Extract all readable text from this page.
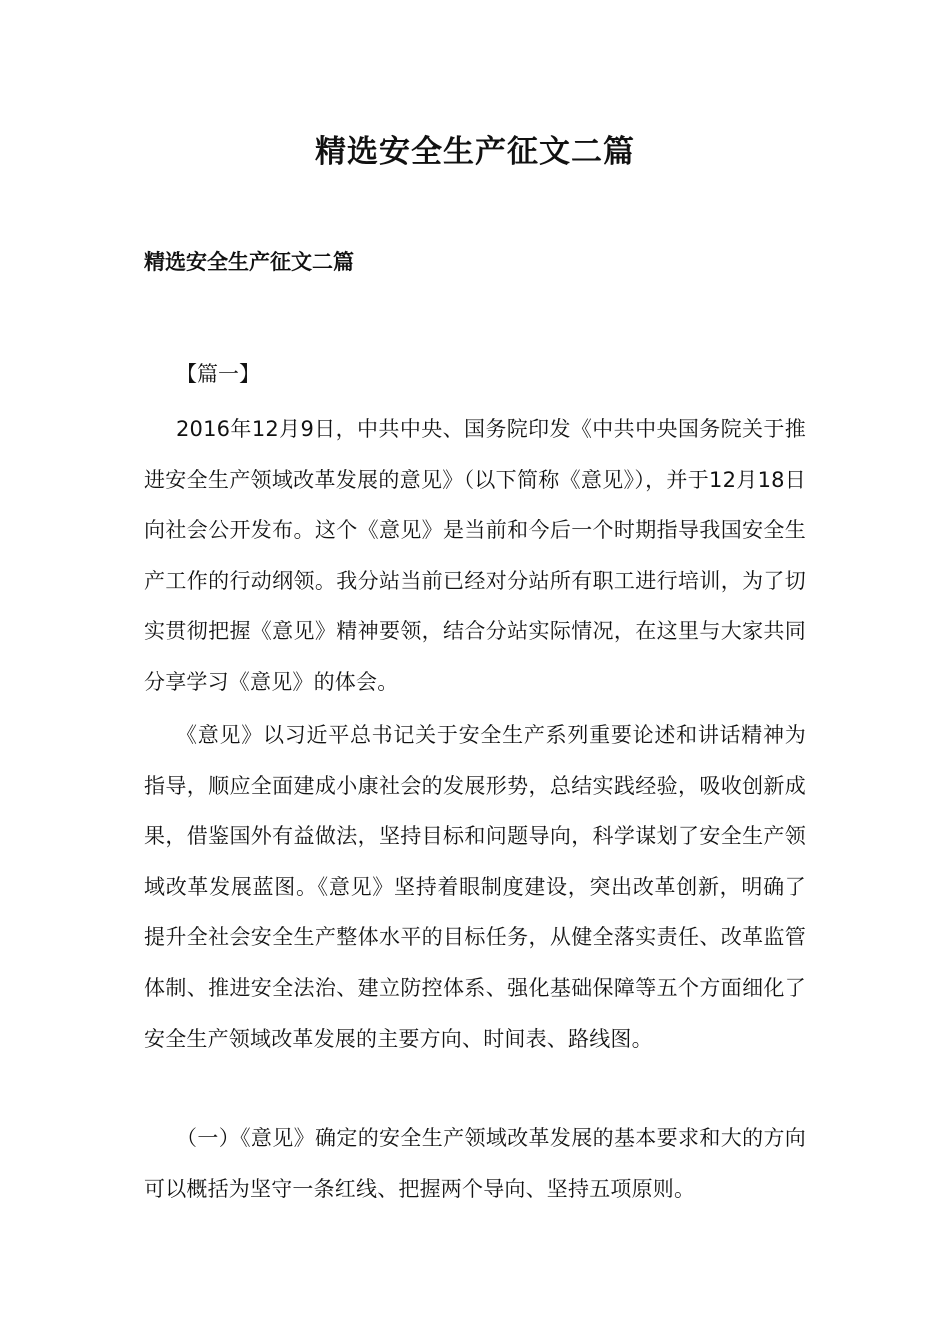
精选安全生产征文二篇
精选安全生产征文二篇

【篇一】

2016年12月9日，中共中央、国务院印发《中共中央国务院关于推进安全生产领域改革发展的意见》（以下简称《意见》），并于12月18日向社会公开发布。这个《意见》是当前和今后一个时期指导我国安全生产工作的行动纲领。我分站当前已经对分站所有职工进行培训，为了切实贯彻把握《意见》精神要领，结合分站实际情况，在这里与大家共同分享学习《意见》的体会。

《意见》以习近平总书记关于安全生产系列重要论述和讲话精神为指导，顺应全面建成小康社会的发展形势，总结实践经验，吸收创新成果，借鉴国外有益做法，坚持目标和问题导向，科学谋划了安全生产领域改革发展蓝图。《意见》坚持着眼制度建设，突出改革创新，明确了提升全社会安全生产整体水平的目标任务，从健全落实责任、改革监管体制、推进安全法治、建立防控体系、强化基础保障等五个方面细化了安全生产领域改革发展的主要方向、时间表、路线图。

（一）《意见》确定的安全生产领域改革发展的基本要求和大的方向可以概括为坚守一条红线、把握两个导向、坚持五项原则。
